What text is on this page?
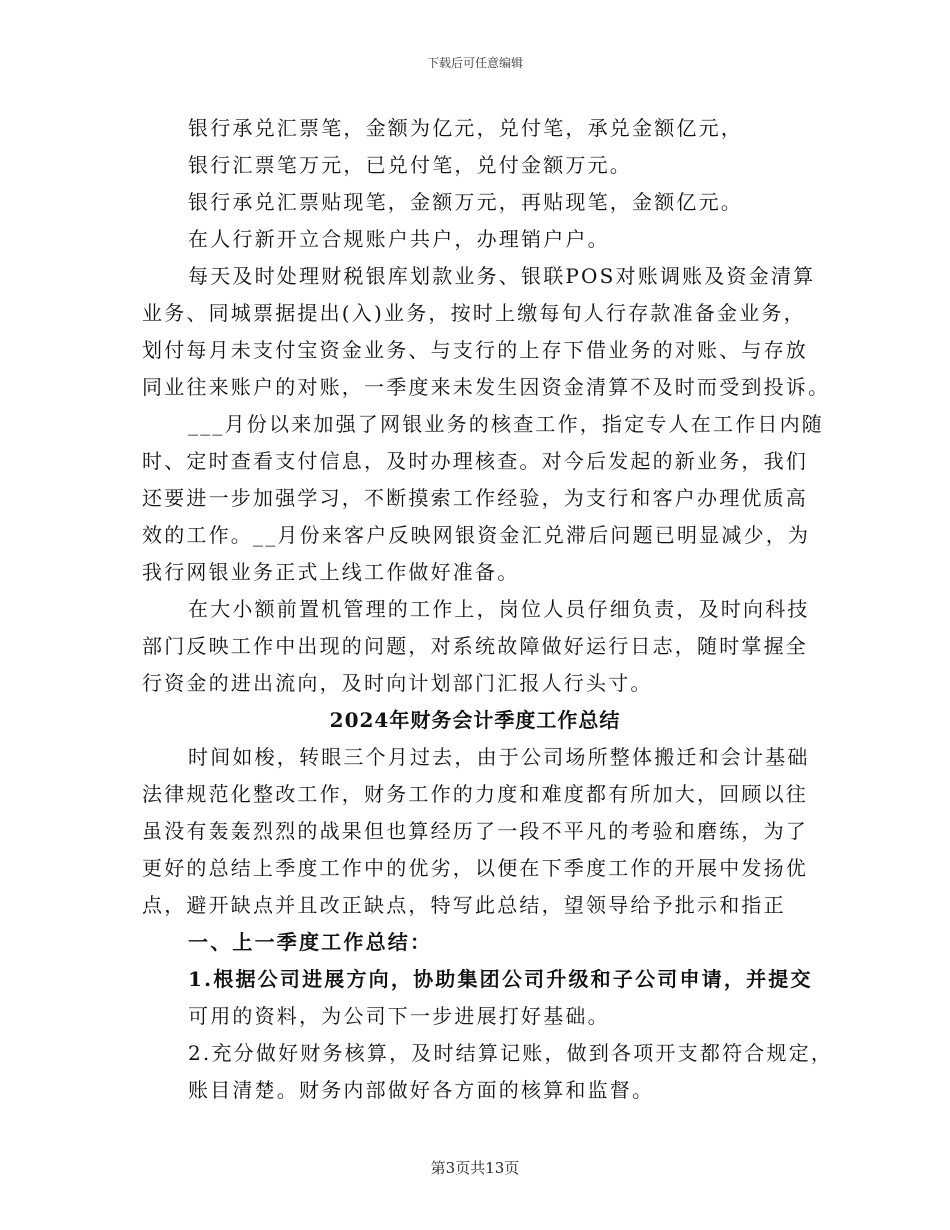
下载后可任意编辑
银行承兑汇票笔，金额为亿元，兑付笔，承兑金额亿元，
银行汇票笔万元，已兑付笔，兑付金额万元。
银行承兑汇票贴现笔，金额万元，再贴现笔，金额亿元。
在人行新开立合规账户共户，办理销户户。
每天及时处理财税银库划款业务、银联POS对账调账及资金清算
业务、同城票据提出(入)业务，按时上缴每旬人行存款准备金业务，
划付每月未支付宝资金业务、与支行的上存下借业务的对账、与存放
同业往来账户的对账，一季度来未发生因资金清算不及时而受到投诉。
___月份以来加强了网银业务的核查工作，指定专人在工作日内随
时、定时查看支付信息，及时办理核查。对今后发起的新业务，我们
还要进一步加强学习，不断摸索工作经验，为支行和客户办理优质高
效的工作。__月份来客户反映网银资金汇兑滞后问题已明显减少，为
我行网银业务正式上线工作做好准备。
在大小额前置机管理的工作上，岗位人员仔细负责，及时向科技
部门反映工作中出现的问题，对系统故障做好运行日志，随时掌握全
行资金的进出流向，及时向计划部门汇报人行头寸。
2024年财务会计季度工作总结
时间如梭，转眼三个月过去，由于公司场所整体搬迁和会计基础
法律规范化整改工作，财务工作的力度和难度都有所加大，回顾以往
虽没有轰轰烈烈的战果但也算经历了一段不平凡的考验和磨练，为了
更好的总结上季度工作中的优劣，以便在下季度工作的开展中发扬优
点，避开缺点并且改正缺点，特写此总结，望领导给予批示和指正
一、上一季度工作总结：
1.根据公司进展方向，协助集团公司升级和子公司申请，并提交
可用的资料，为公司下一步进展打好基础。
2.充分做好财务核算，及时结算记账，做到各项开支都符合规定，
账目清楚。财务内部做好各方面的核算和监督。
第3页共13页
